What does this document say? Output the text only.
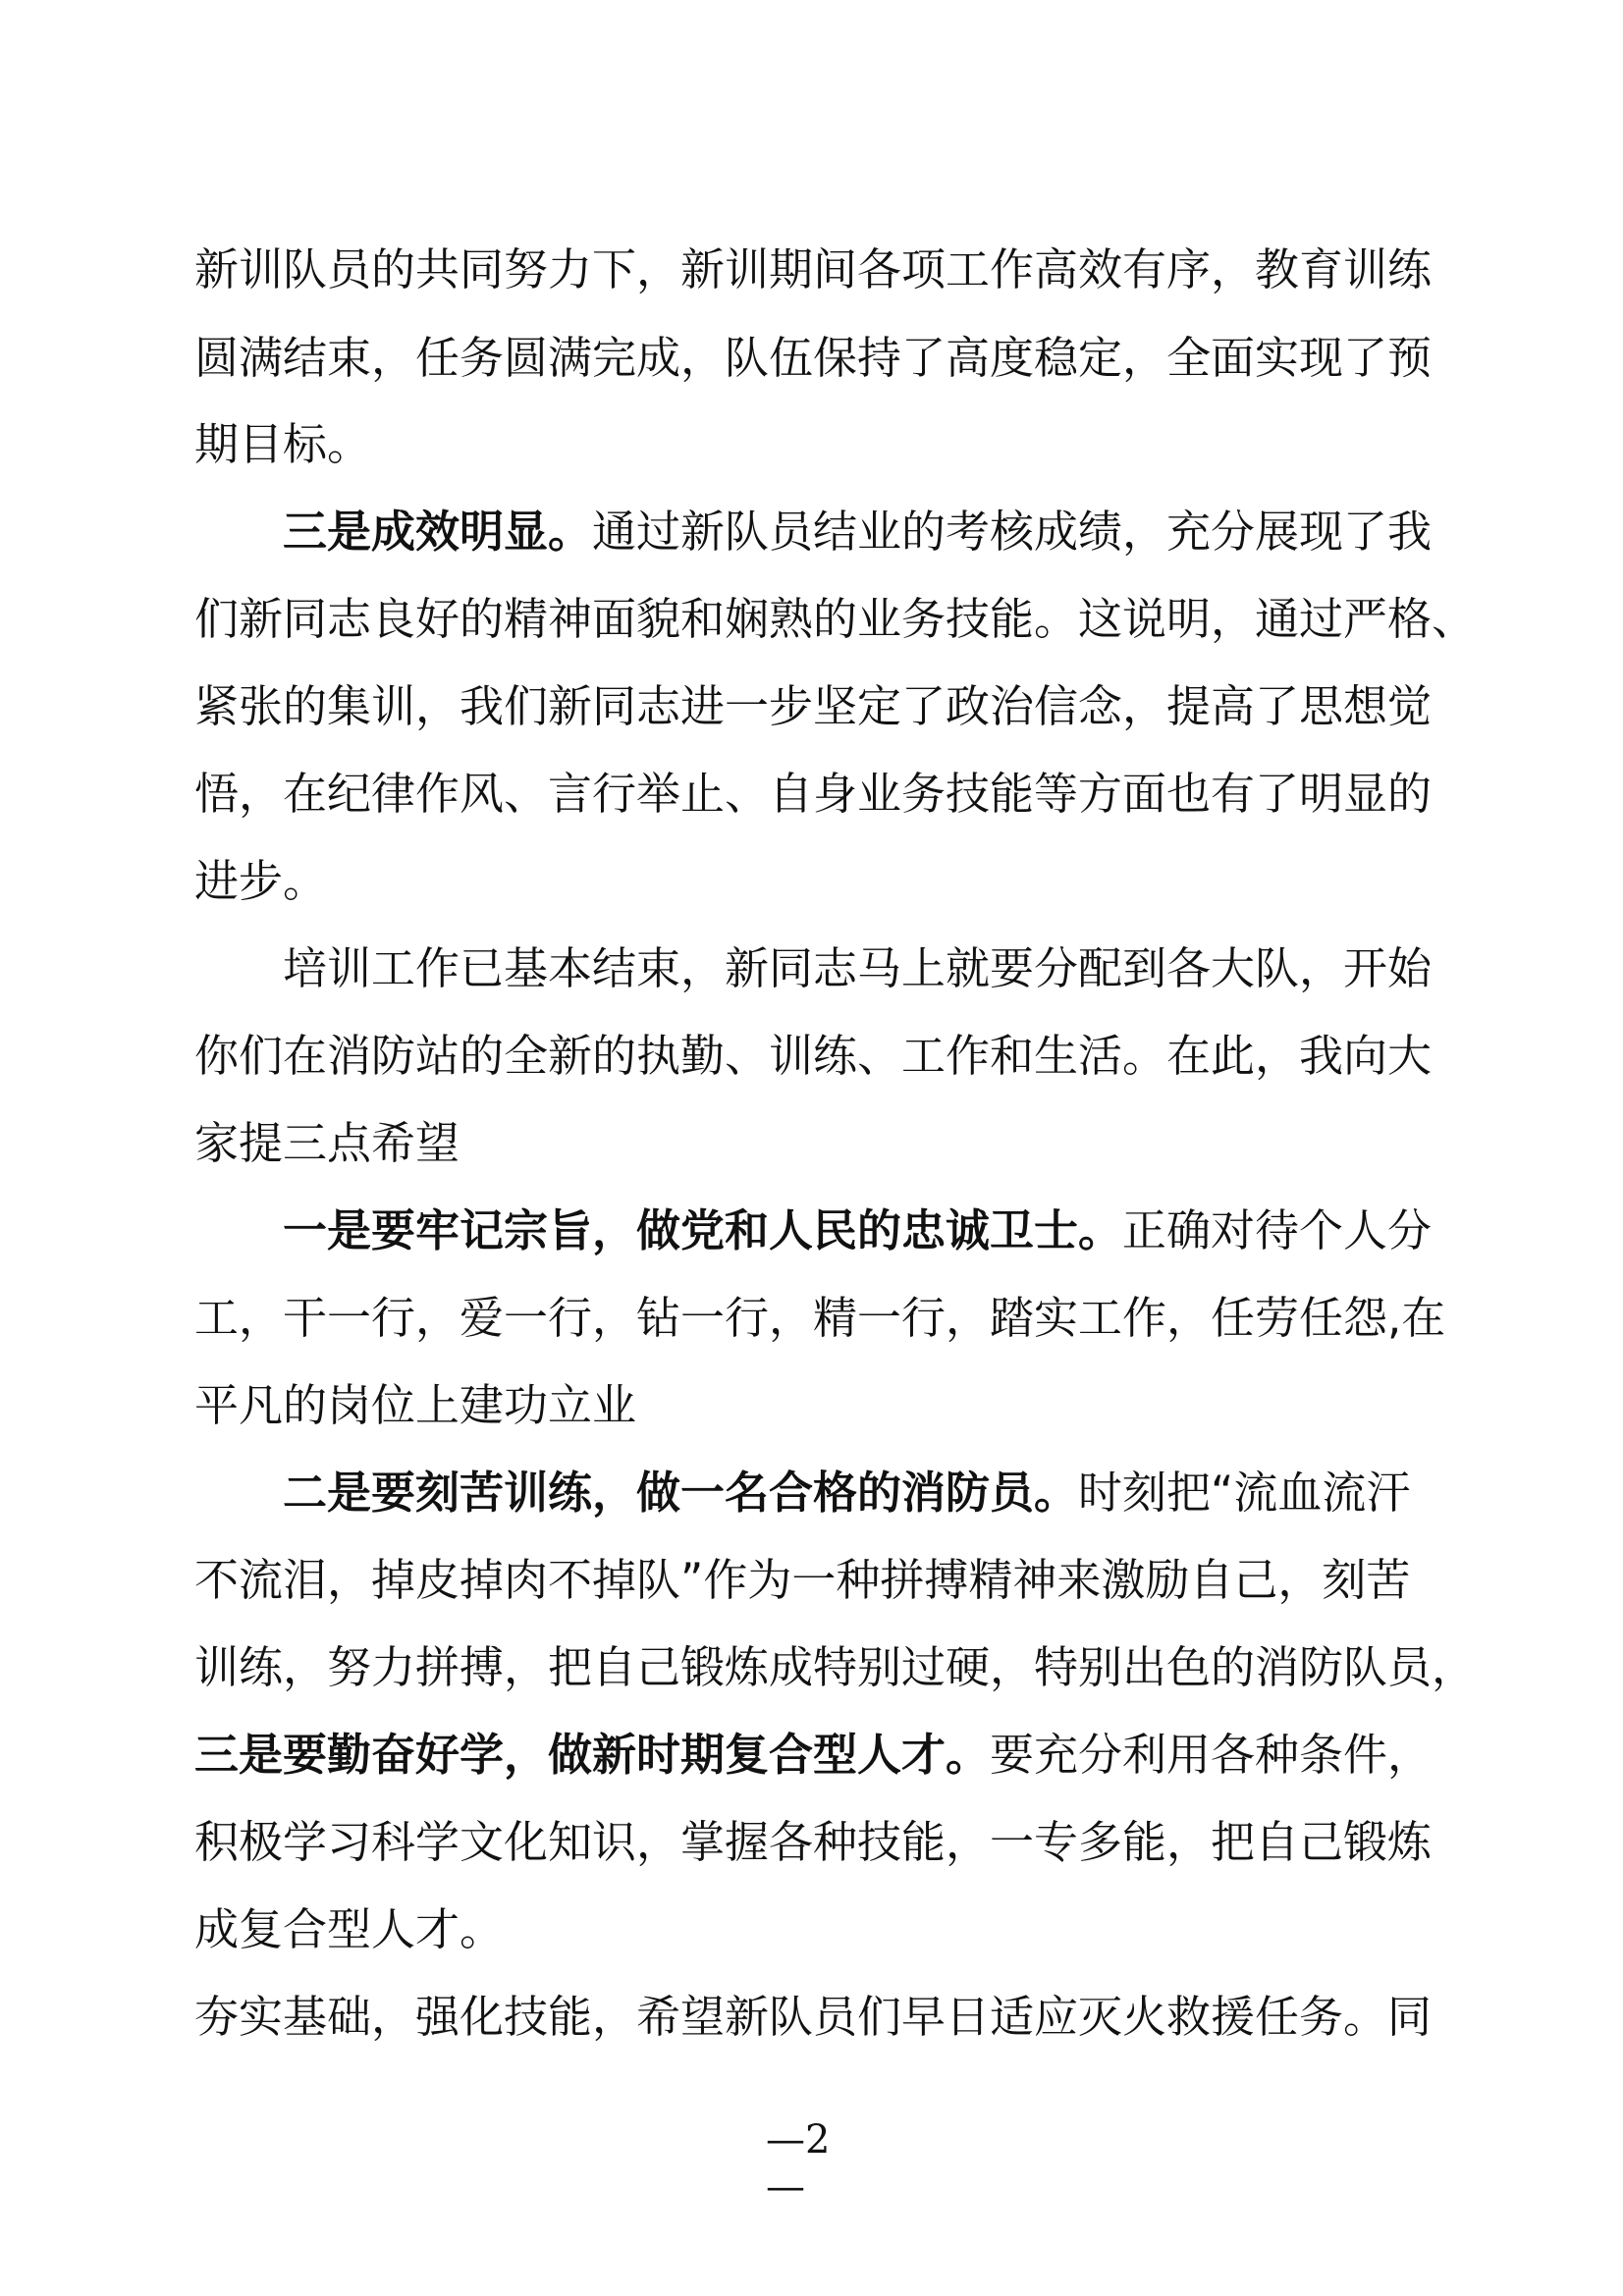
新训队员的共同努力下，新训期间各项工作高效有序，教育训练
圆满结束，任务圆满完成，队伍保持了高度稳定，全面实现了预
期目标。
三是成效明显。通过新队员结业的考核成绩，充分展现了我
们新同志良好的精神面貌和娴熟的业务技能。这说明，通过严格、
紧张的集训，我们新同志进一步坚定了政治信念，提高了思想觉
悟，在纪律作风、言行举止、自身业务技能等方面也有了明显的
进步。
培训工作已基本结束，新同志马上就要分配到各大队，开始
你们在消防站的全新的执勤、训练、工作和生活。在此，我向大
家提三点希望
一是要牢记宗旨，做党和人民的忠诚卫士。正确对待个人分
工，干一行，爱一行，钻一行，精一行，踏实工作，任劳任怨,在
平凡的岗位上建功立业
二是要刻苦训练，做一名合格的消防员。时刻把“流血流汗
不流泪，掉皮掉肉不掉队”作为一种拼搏精神来激励自己，刻苦
训练，努力拼搏，把自己锻炼成特别过硬，特别出色的消防队员，
三是要勤奋好学，做新时期复合型人才。要充分利用各种条件，
积极学习科学文化知识，掌握各种技能，一专多能，把自己锻炼
成复合型人才。
夯实基础，强化技能，希望新队员们早日适应灭火救援任务。同
—2
—
